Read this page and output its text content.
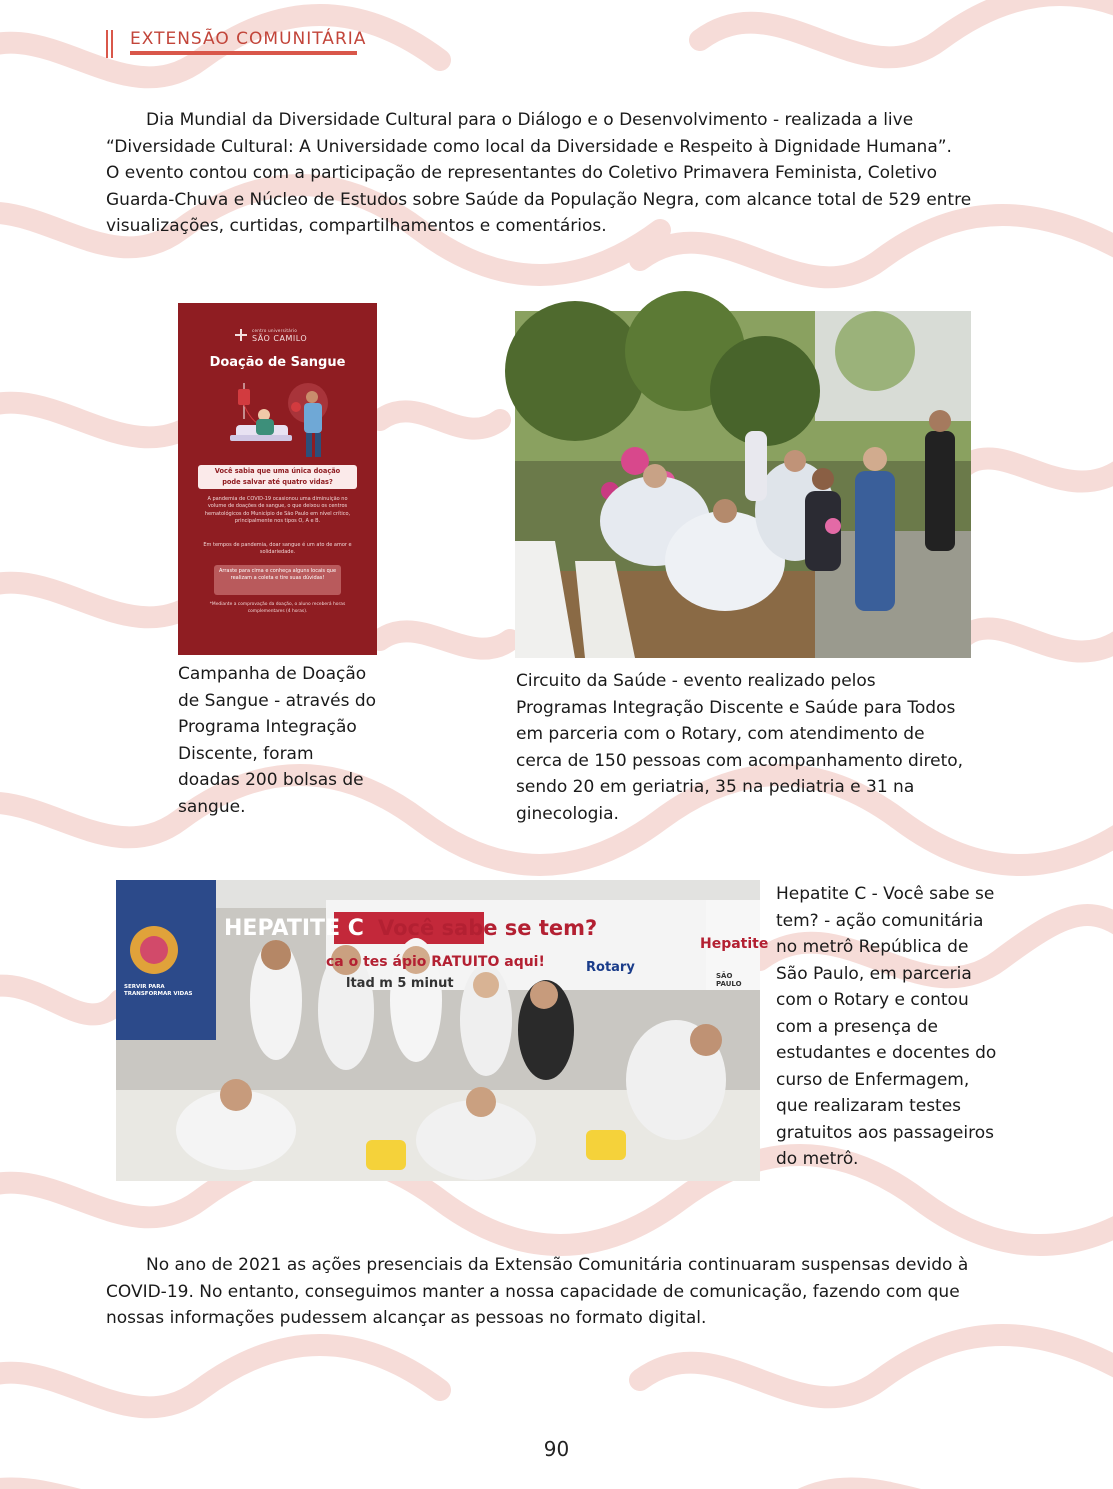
EXTENSÃO COMUNITÁRIA
Dia Mundial da Diversidade Cultural para o Diálogo e o Desenvolvimento - realizada a live
“Diversidade Cultural: A Universidade como local da Diversidade e Respeito à Dignidade Humana”.
O evento contou com a participação de representantes do Coletivo Primavera Feminista, Coletivo
Guarda-Chuva e Núcleo de Estudos sobre Saúde da População Negra, com alcance total de 529 entre
visualizações, curtidas, compartilhamentos e comentários.
centro universitário
SÃO CAMILO
Doação de Sangue
Você sabia que uma única doação
pode salvar até quatro vidas?
A pandemia de COVID-19 ocasionou uma diminuição no volume de doações de sangue, o que deixou os centros hematológicos do Município de São Paulo em nível crítico, principalmente nos tipos O, A e B.
Em tempos de pandemia, doar sangue é um ato de amor e solidariedade.
Arraste para cima e conheça alguns locais que realizam a coleta e tire suas dúvidas!
*Mediante a comprovação da doação, o aluno receberá horas complementares (4 horas).
Campanha de Doação
de Sangue - através do
Programa Integração
Discente, foram
doadas 200 bolsas de
sangue.
Circuito da Saúde - evento realizado pelos
Programas Integração Discente e Saúde para Todos
em parceria com o Rotary, com atendimento de
cerca de 150 pessoas com acompanhamento direto,
sendo 20 em geriatria, 35 na pediatria e 31 na
ginecologia.
HEPATITE C Você sabe se tem?
ca o tes ápio RATUITO aqui!
ltad m 5 minut
Hepatite
Rotary
SÃO PAULO
SERVIR PARA TRANSFORMAR VIDAS
Hepatite C - Você sabe se
tem? - ação comunitária
no metrô República de
São Paulo, em parceria
com o Rotary e contou
com a presença de
estudantes e docentes do
curso de Enfermagem,
que realizaram testes
gratuitos aos passageiros
do metrô.
No ano de 2021 as ações presenciais da Extensão Comunitária continuaram suspensas devido à
COVID-19. No entanto, conseguimos manter a nossa capacidade de comunicação, fazendo com que
nossas informações pudessem alcançar as pessoas no formato digital.
90
